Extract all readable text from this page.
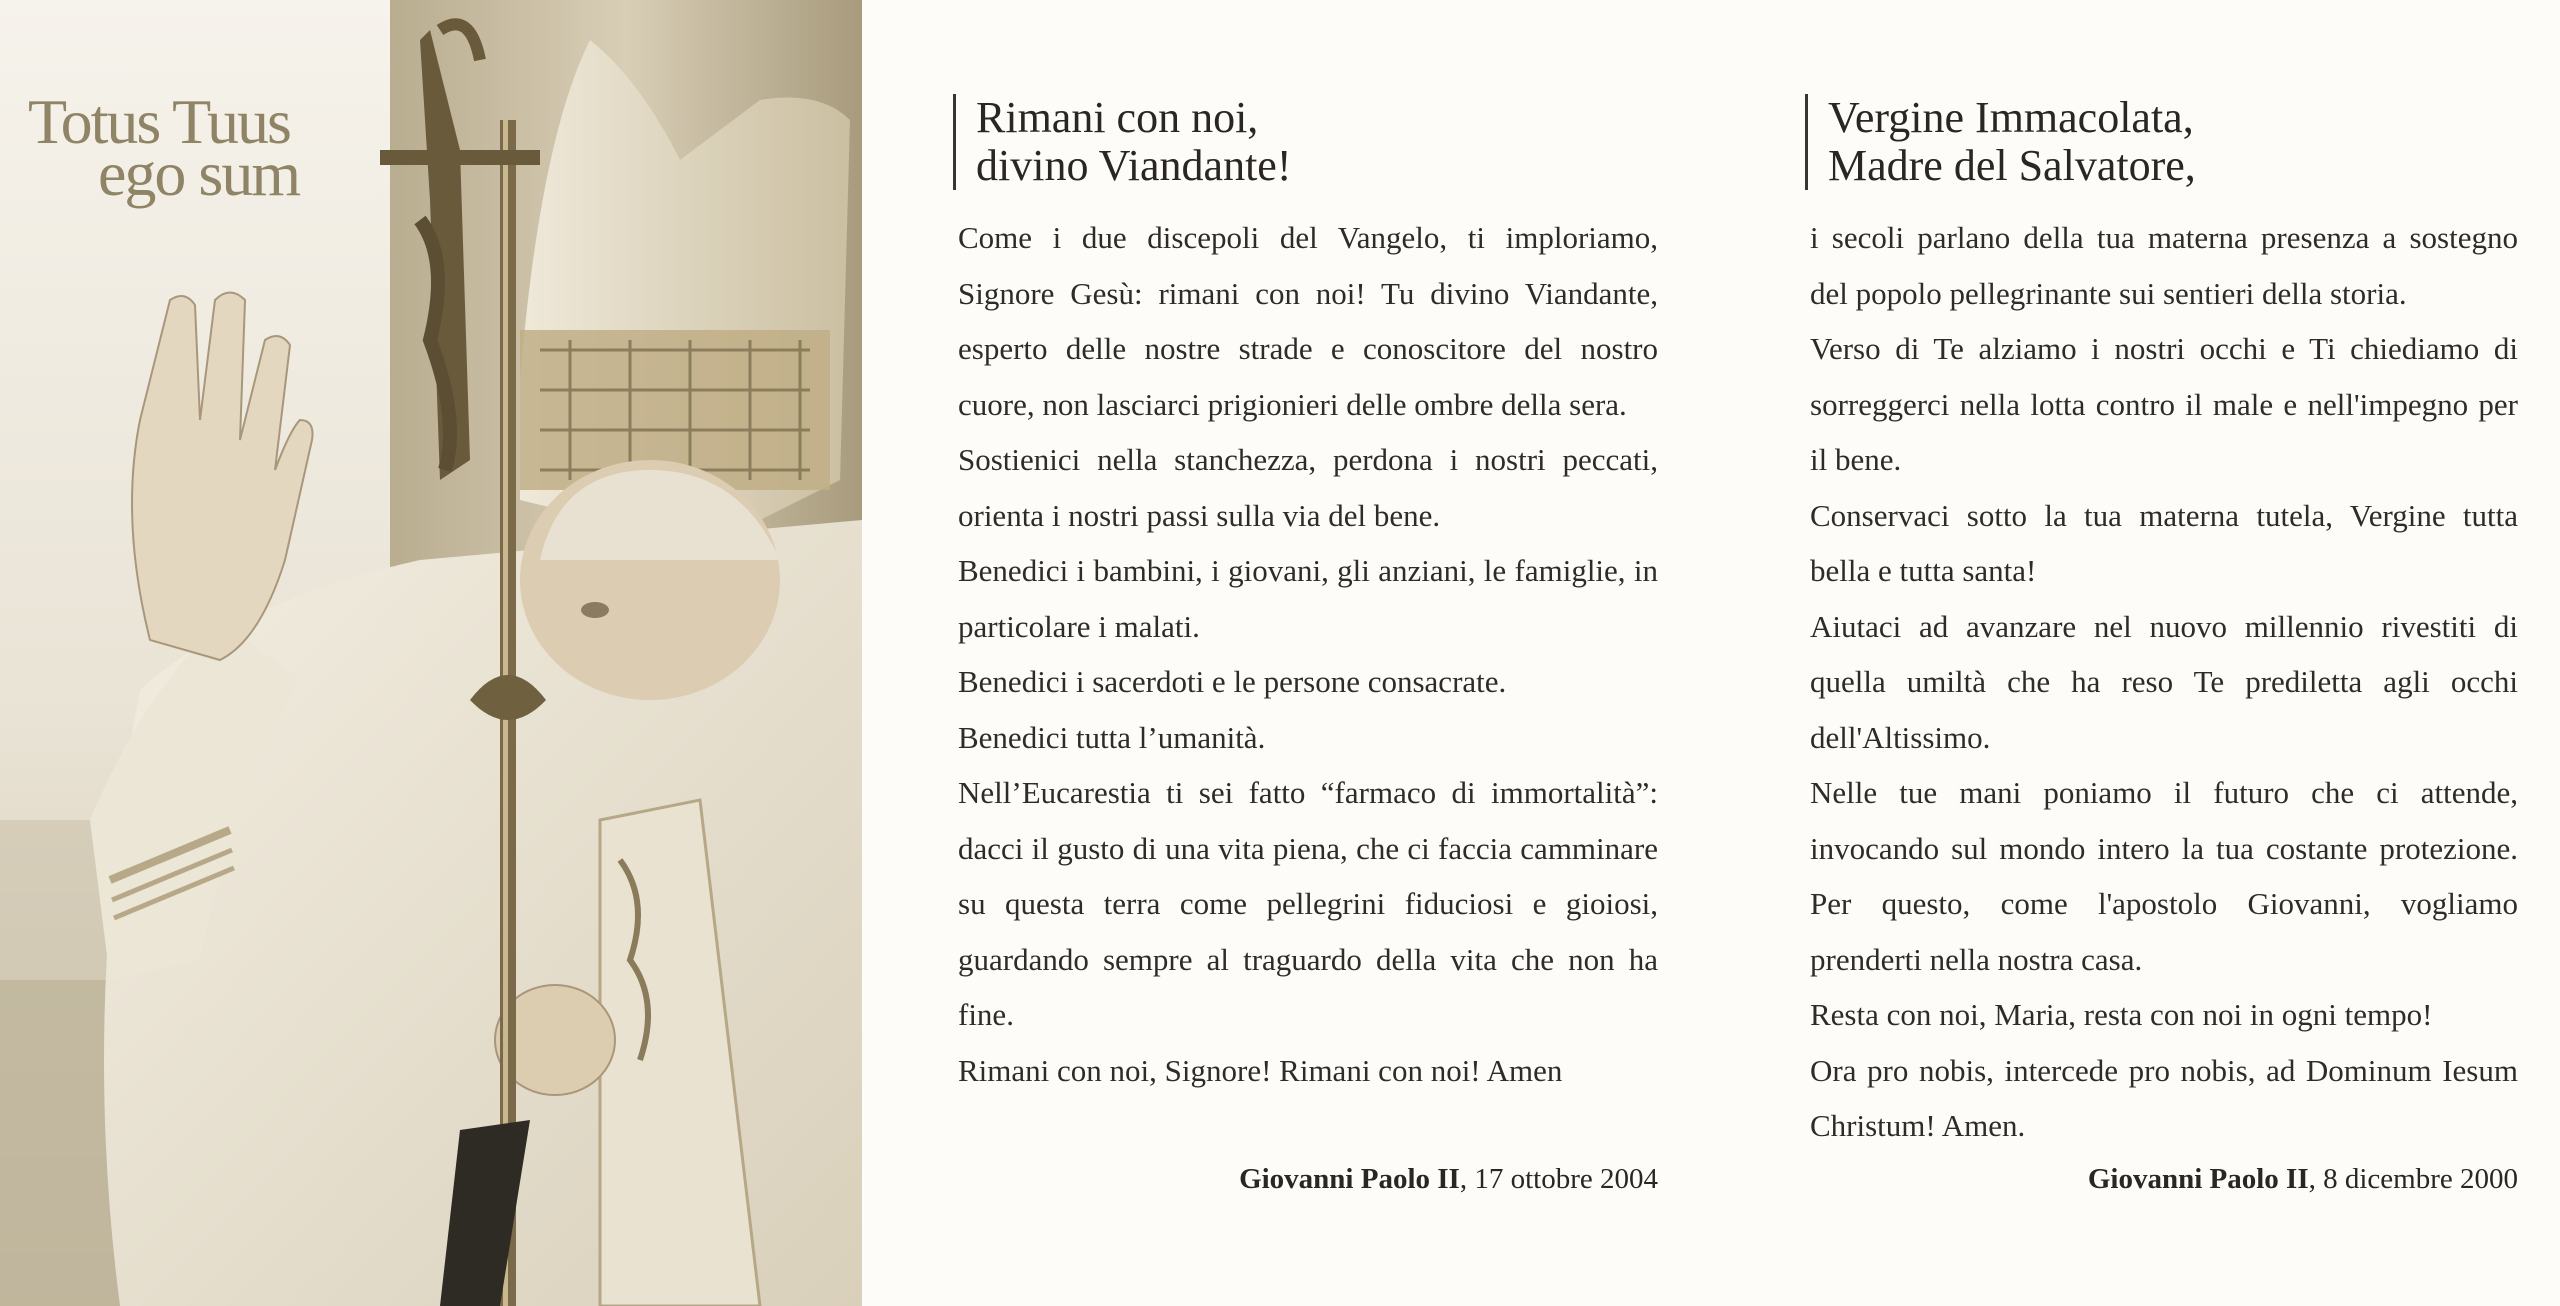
Totus Tuus
ego sum
Rimani con noi,
divino Viandante!
Come i due discepoli del Vangelo, ti imploriamo, Signore Gesù: rimani con noi! Tu divino Viandante, esperto delle nostre strade e conoscitore del nostro cuore, non lasciarci prigionieri delle ombre della sera.
Sostienici nella stanchezza, perdona i nostri peccati, orienta i nostri passi sulla via del bene.
Benedici i bambini, i giovani, gli anziani, le famiglie, in particolare i malati.
Benedici i sacerdoti e le persone consacrate.
Benedici tutta l’umanità.
Nell’Eucarestia ti sei fatto “farmaco di immortalità”: dacci il gusto di una vita piena, che ci faccia camminare su questa terra come pellegrini fiduciosi e gioiosi, guardando sempre al traguardo della vita che non ha fine.
Rimani con noi, Signore! Rimani con noi! Amen
Giovanni Paolo II, 17 ottobre 2004
Vergine Immacolata,
Madre del Salvatore,
i secoli parlano della tua materna presenza a sostegno del popolo pellegrinante sui sentieri della storia.
Verso di Te alziamo i nostri occhi e Ti chiediamo di sorreggerci nella lotta contro il male e nell'impegno per il bene.
Conservaci sotto la tua materna tutela, Vergine tutta bella e tutta santa!
Aiutaci ad avanzare nel nuovo millennio rivestiti di quella umiltà che ha reso Te prediletta agli occhi dell'Altissimo.
Nelle tue mani poniamo il futuro che ci attende, invocando sul mondo intero la tua costante protezione. Per questo, come l'apostolo Giovanni, vogliamo prenderti nella nostra casa.
Resta con noi, Maria, resta con noi in ogni tempo!
Ora pro nobis, intercede pro nobis, ad Dominum Iesum Christum! Amen.
Giovanni Paolo II, 8 dicembre 2000
